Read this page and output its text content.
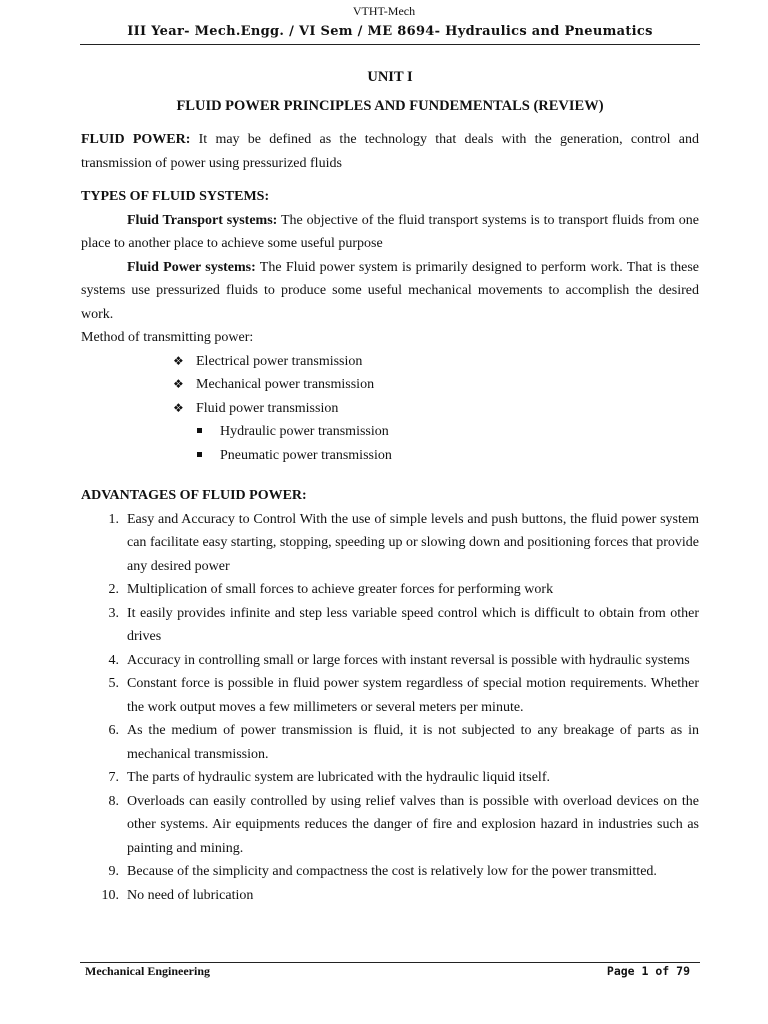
VTHT-Mech
III Year- Mech.Engg. / VI Sem / ME 8694- Hydraulics and Pneumatics
UNIT I
FLUID POWER PRINCIPLES AND FUNDEMENTALS (REVIEW)

FLUID POWER: It may be defined as the technology that deals with the generation, control and transmission of power using pressurized fluids

TYPES OF FLUID SYSTEMS:

Fluid Transport systems: The objective of the fluid transport systems is to transport fluids from one place to another place to achieve some useful purpose

Fluid Power systems: The Fluid power system is primarily designed to perform work. That is these systems use pressurized fluids to produce some useful mechanical movements to accomplish the desired work.

Method of transmitting power:

❖ Electrical power transmission
❖ Mechanical power transmission
❖ Fluid power transmission
Hydraulic power transmission
Pneumatic power transmission
ADVANTAGES OF FLUID POWER:
1. Easy and Accuracy to Control With the use of simple levels and push buttons, the fluid power system can facilitate easy starting, stopping, speeding up or slowing down and positioning forces that provide any desired power
2. Multiplication of small forces to achieve greater forces for performing work
3. It easily provides infinite and step less variable speed control which is difficult to obtain from other drives
4. Accuracy in controlling small or large forces with instant reversal is possible with hydraulic systems
5. Constant force is possible in fluid power system regardless of special motion requirements. Whether the work output moves a few millimeters or several meters per minute.
6. As the medium of power transmission is fluid, it is not subjected to any breakage of parts as in mechanical transmission.
7. The parts of hydraulic system are lubricated with the hydraulic liquid itself.
8. Overloads can easily controlled by using relief valves than is possible with overload devices on the other systems. Air equipments reduces the danger of fire and explosion hazard in industries such as painting and mining.
9. Because of the simplicity and compactness the cost is relatively low for the power transmitted.
10. No need of lubrication
Mechanical Engineering	Page 1 of 79
